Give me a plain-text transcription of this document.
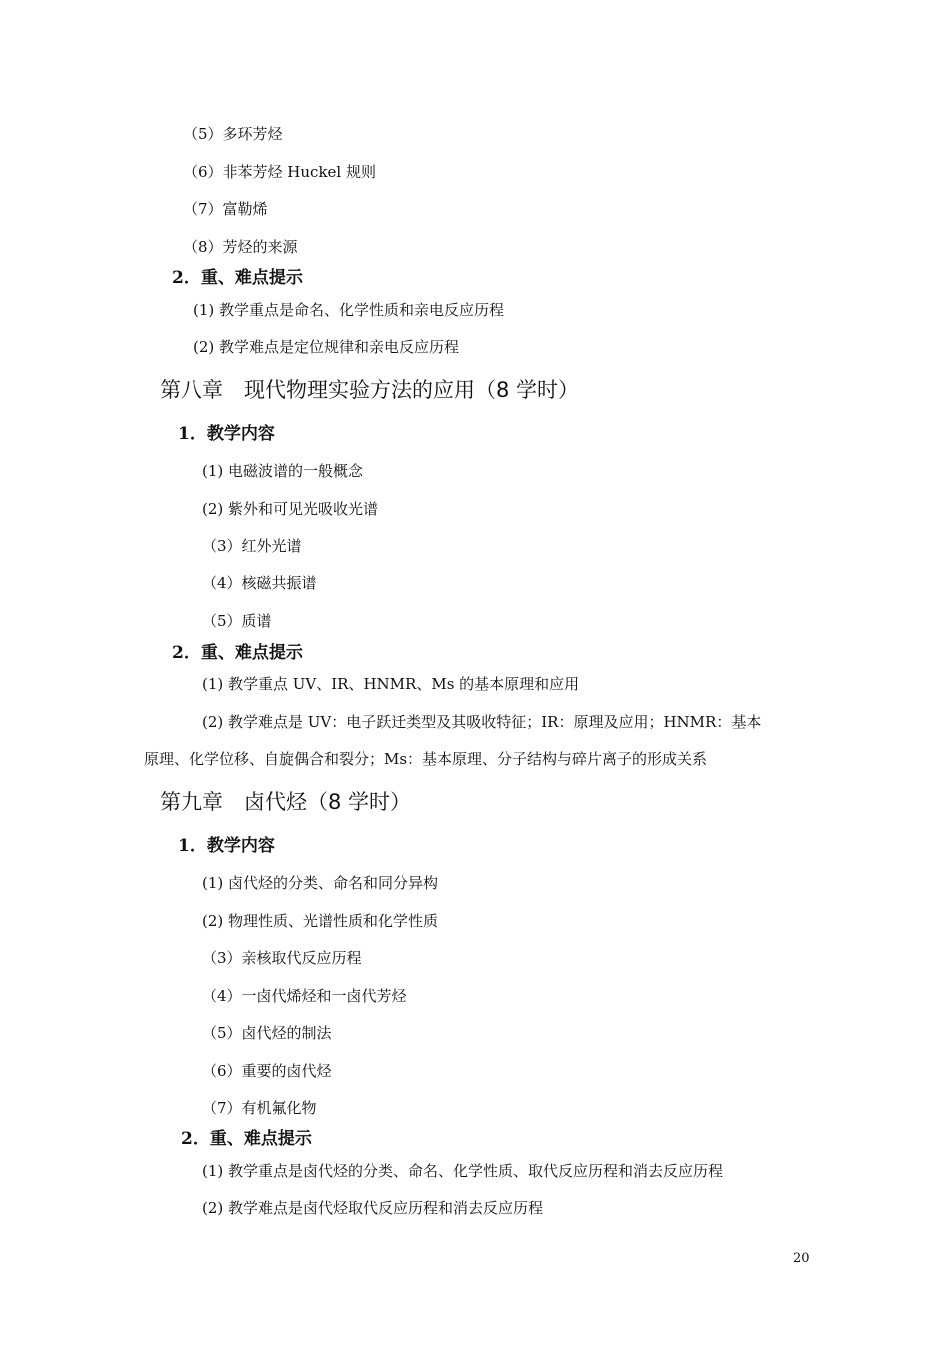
（5）多环芳烃
（6）非苯芳烃 Huckel 规则
（7）富勒烯
（8）芳烃的来源
2．重、难点提示
(1) 教学重点是命名、化学性质和亲电反应历程
(2) 教学难点是定位规律和亲电反应历程
第八章　现代物理实验方法的应用（8 学时）
1．教学内容
(1) 电磁波谱的一般概念
(2) 紫外和可见光吸收光谱
（3）红外光谱
（4）核磁共振谱
（5）质谱
2．重、难点提示
(1) 教学重点 UV、IR、HNMR、Ms 的基本原理和应用
(2) 教学难点是 UV：电子跃迁类型及其吸收特征；IR：原理及应用；HNMR：基本
原理、化学位移、自旋偶合和裂分；Ms：基本原理、分子结构与碎片离子的形成关系
第九章　卤代烃（8 学时）
1．教学内容
(1) 卤代烃的分类、命名和同分异构
(2) 物理性质、光谱性质和化学性质
（3）亲核取代反应历程
（4）一卤代烯烃和一卤代芳烃
（5）卤代烃的制法
（6）重要的卤代烃
（7）有机氟化物
2．重、难点提示
(1) 教学重点是卤代烃的分类、命名、化学性质、取代反应历程和消去反应历程
(2) 教学难点是卤代烃取代反应历程和消去反应历程
20
